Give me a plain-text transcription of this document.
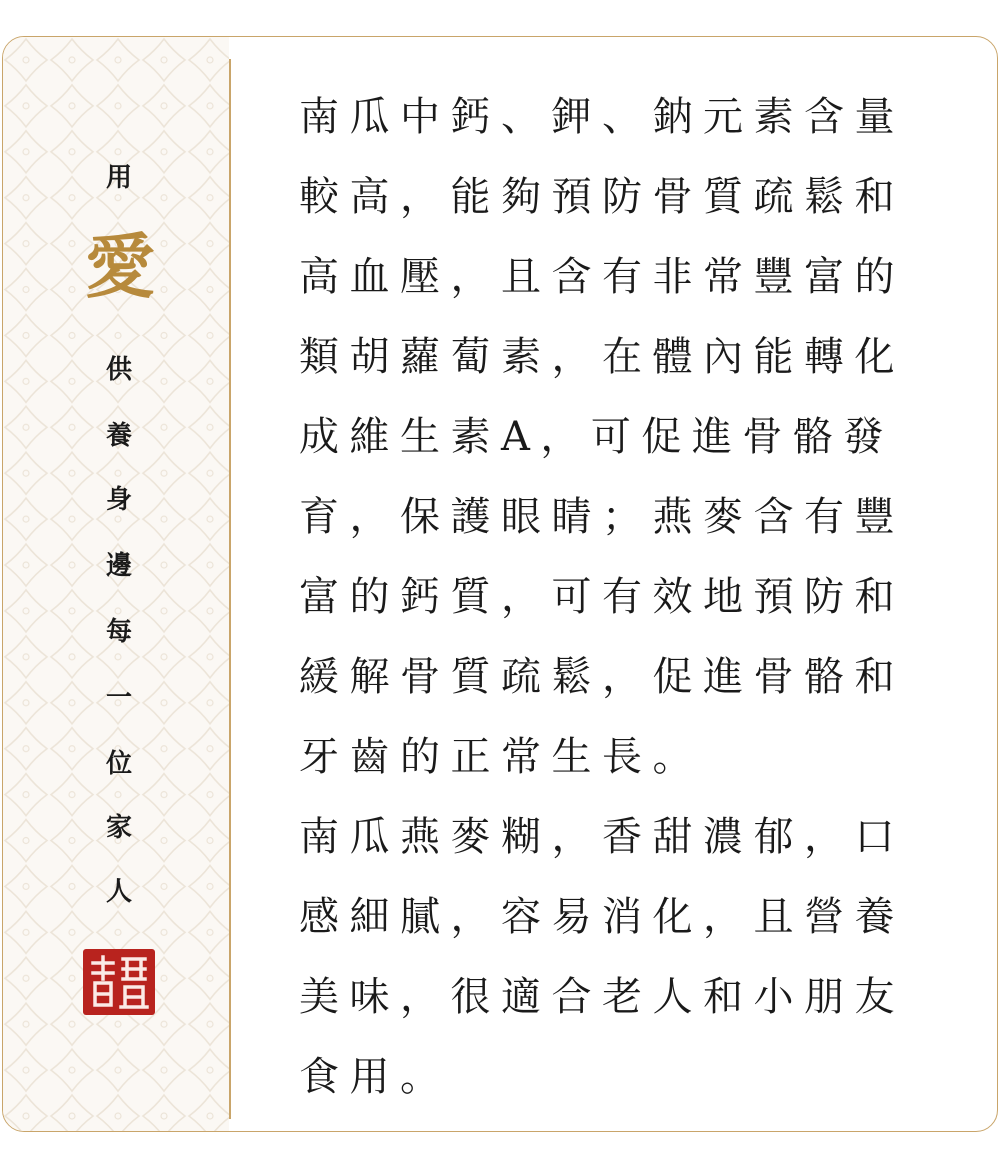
用
愛
供
養
身
邊
每
一
位
家
人

南瓜中鈣、鉀、鈉元素含量較高，能夠預防骨質疏鬆和高血壓，且含有非常豐富的類胡蘿蔔素，在體內能轉化成維生素A，可促進骨骼發育，保護眼睛；燕麥含有豐富的鈣質，可有效地預防和緩解骨質疏鬆，促進骨骼和牙齒的正常生長。

南瓜燕麥糊，香甜濃郁，口感細膩，容易消化，且營養美味，很適合老人和小朋友食用。
